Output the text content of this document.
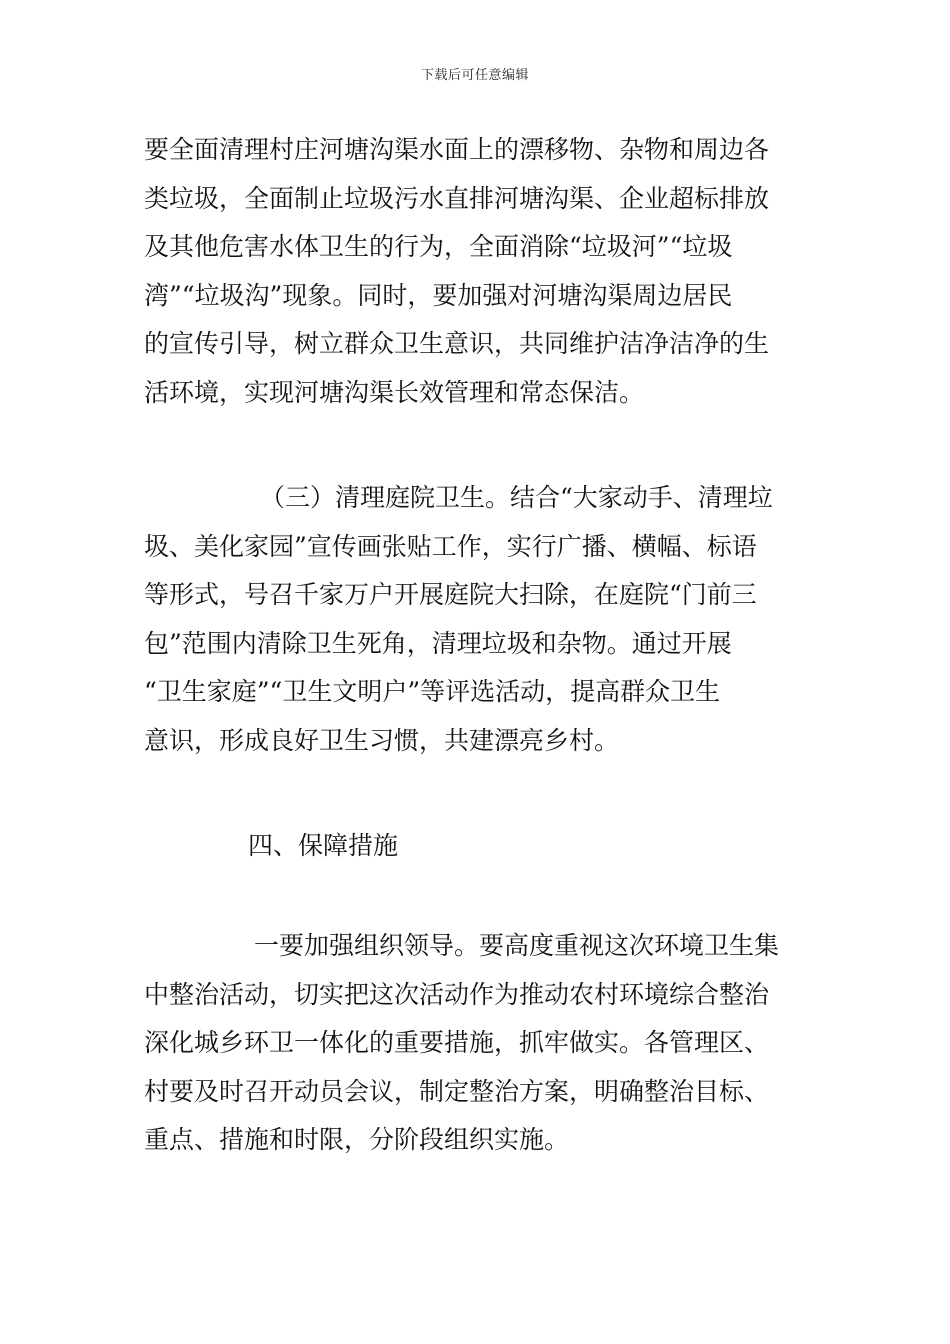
下载后可任意编辑
要全面清理村庄河塘沟渠水面上的漂移物、杂物和周边各
类垃圾，全面制止垃圾污水直排河塘沟渠、企业超标排放
及其他危害水体卫生的行为，全面消除“垃圾河”“垃圾
湾”“垃圾沟”现象。同时，要加强对河塘沟渠周边居民
的宣传引导，树立群众卫生意识，共同维护洁净洁净的生
活环境，实现河塘沟渠长效管理和常态保洁。
（三）清理庭院卫生。结合“大家动手、清理垃
圾、美化家园”宣传画张贴工作，实行广播、横幅、标语
等形式，号召千家万户开展庭院大扫除，在庭院“门前三
包”范围内清除卫生死角，清理垃圾和杂物。通过开展
“卫生家庭”“卫生文明户”等评选活动，提高群众卫生
意识，形成良好卫生习惯，共建漂亮乡村。
四、保障措施
一要加强组织领导。要高度重视这次环境卫生集
中整治活动，切实把这次活动作为推动农村环境综合整治
深化城乡环卫一体化的重要措施，抓牢做实。各管理区、
村要及时召开动员会议，制定整治方案，明确整治目标、
重点、措施和时限，分阶段组织实施。
